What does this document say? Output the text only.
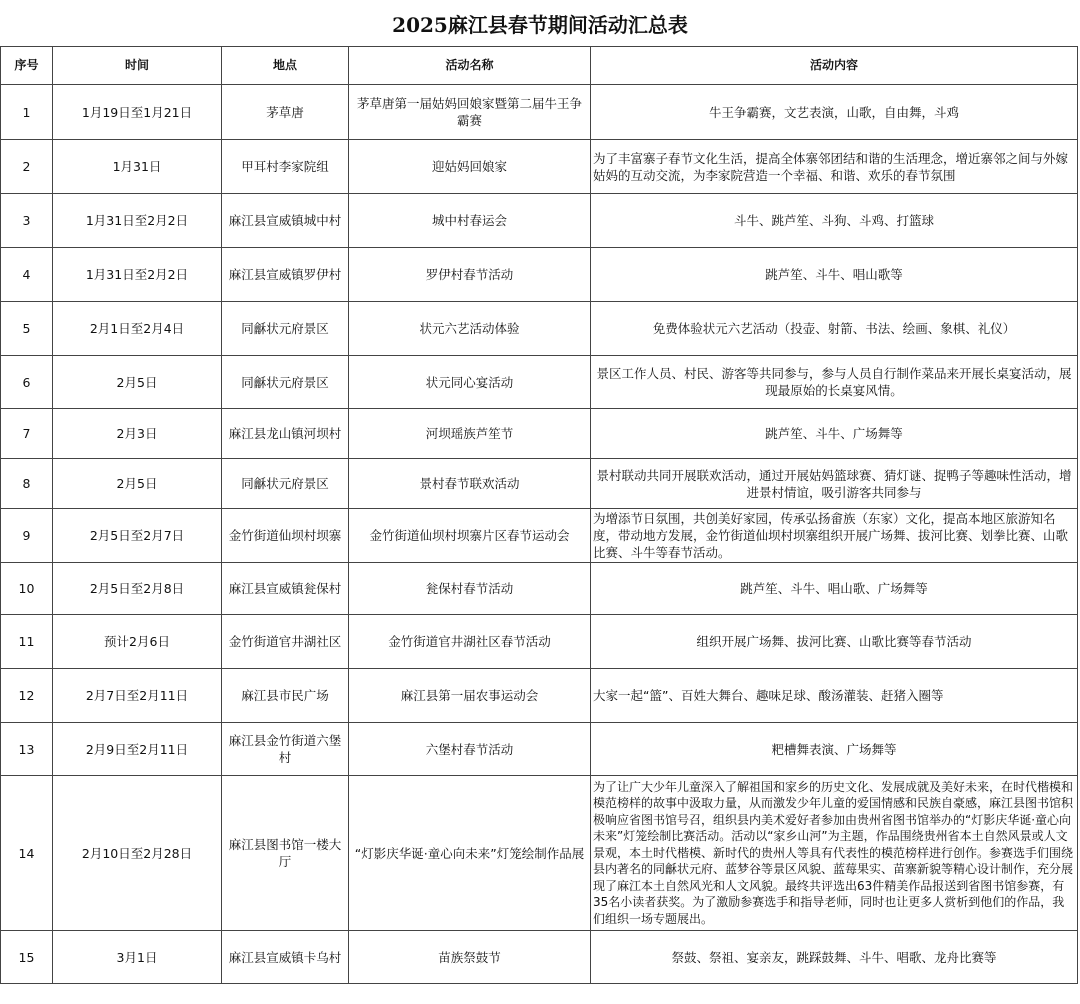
2025麻江县春节期间活动汇总表
序号	时间	地点	活动名称	活动内容
1	1月19日至1月21日	茅草唐	茅草唐第一届姑妈回娘家暨第二届牛王争霸赛	牛王争霸赛，文艺表演，山歌，自由舞，斗鸡
2	1月31日	甲耳村李家院组	迎姑妈回娘家	为了丰富寨子春节文化生活，提高全体寨邻团结和谐的生活理念，增近寨邻之间与外嫁姑妈的互动交流，为李家院营造一个幸福、和谐、欢乐的春节氛围
3	1月31日至2月2日	麻江县宣威镇城中村	城中村春运会	斗牛、跳芦笙、斗狗、斗鸡、打篮球
4	1月31日至2月2日	麻江县宣威镇罗伊村	罗伊村春节活动	跳芦笙、斗牛、唱山歌等
5	2月1日至2月4日	同龢状元府景区	状元六艺活动体验	免费体验状元六艺活动（投壶、射箭、书法、绘画、象棋、礼仪）
6	2月5日	同龢状元府景区	状元同心宴活动	景区工作人员、村民、游客等共同参与，参与人员自行制作菜品来开展长桌宴活动，展现最原始的长桌宴风情。
7	2月3日	麻江县龙山镇河坝村	河坝瑶族芦笙节	跳芦笙、斗牛、广场舞等
8	2月5日	同龢状元府景区	景村春节联欢活动	景村联动共同开展联欢活动，通过开展姑妈篮球赛、猜灯谜、捉鸭子等趣味性活动，增进景村情谊，吸引游客共同参与
9	2月5日至2月7日	金竹街道仙坝村坝寨	金竹街道仙坝村坝寨片区春节运动会	为增添节日氛围，共创美好家园，传承弘扬畲族（东家）文化，提高本地区旅游知名度，带动地方发展，金竹街道仙坝村坝寨组织开展广场舞、拔河比赛、划拳比赛、山歌比赛、斗牛等春节活动。
10	2月5日至2月8日	麻江县宣威镇瓮保村	瓮保村春节活动	跳芦笙、斗牛、唱山歌、广场舞等
11	预计2月6日	金竹街道官井湖社区	金竹街道官井湖社区春节活动	组织开展广场舞、拔河比赛、山歌比赛等春节活动
12	2月7日至2月11日	麻江县市民广场	麻江县第一届农事运动会	大家一起“篮”、百姓大舞台、趣味足球、酸汤灌装、赶猪入圈等
13	2月9日至2月11日	麻江县金竹街道六堡村	六堡村春节活动	粑槽舞表演、广场舞等
14	2月10日至2月28日	麻江县图书馆一楼大厅	“灯影庆华诞·童心向未来”灯笼绘制作品展	为了让广大少年儿童深入了解祖国和家乡的历史文化、发展成就及美好未来，在时代楷模和模范榜样的故事中汲取力量，从而激发少年儿童的爱国情感和民族自豪感，麻江县图书馆积极响应省图书馆号召，组织县内美术爱好者参加由贵州省图书馆举办的“灯影庆华诞·童心向未来”灯笼绘制比赛活动。活动以“家乡山河”为主题，作品围绕贵州省本土自然风景或人文景观，本土时代楷模、新时代的贵州人等具有代表性的模范榜样进行创作。参赛选手们围绕县内著名的同龢状元府、蓝梦谷等景区风貌、蓝莓果实、苗寨新貌等精心设计制作，充分展现了麻江本土自然风光和人文风貌。最终共评选出63件精美作品报送到省图书馆参赛，有35名小读者获奖。为了激励参赛选手和指导老师，同时也让更多人赏析到他们的作品，我们组织一场专题展出。
15	3月1日	麻江县宣威镇卡乌村	苗族祭鼓节	祭鼓、祭祖、宴亲友，跳踩鼓舞、斗牛、唱歌、龙舟比赛等
